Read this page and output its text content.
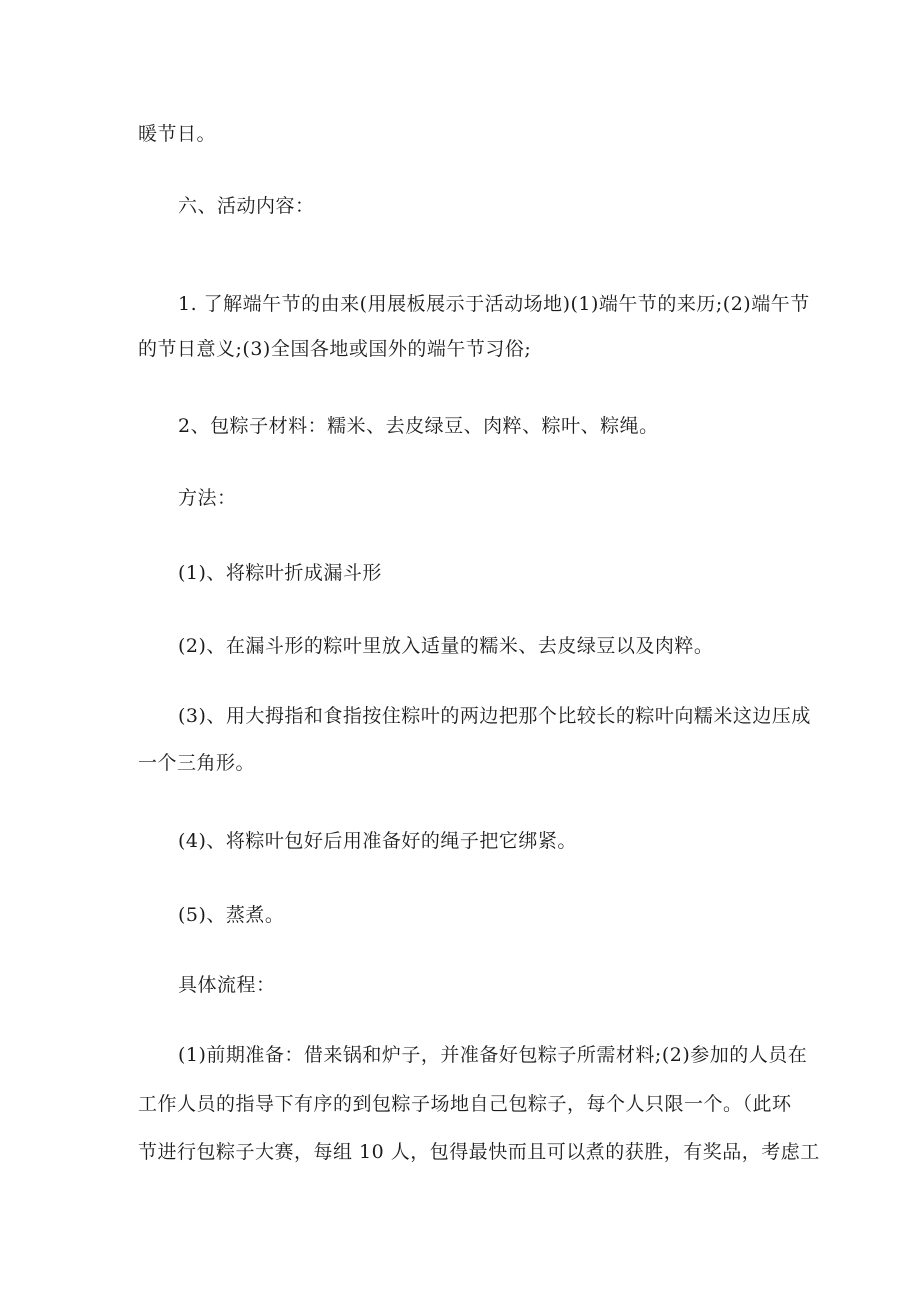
暖节日。
六、活动内容：
1. 了解端午节的由来(用展板展示于活动场地)(1)端午节的来历;(2)端午节
的节日意义;(3)全国各地或国外的端午节习俗;
2、包粽子材料：糯米、去皮绿豆、肉粹、粽叶、粽绳。
方法：
(1)、将粽叶折成漏斗形
(2)、在漏斗形的粽叶里放入适量的糯米、去皮绿豆以及肉粹。
(3)、用大拇指和食指按住粽叶的两边把那个比较长的粽叶向糯米这边压成
一个三角形。
(4)、将粽叶包好后用准备好的绳子把它绑紧。
(5)、蒸煮。
具体流程：
(1)前期准备：借来锅和炉子，并准备好包粽子所需材料;(2)参加的人员在
工作人员的指导下有序的到包粽子场地自己包粽子，每个人只限一个。（此环
节进行包粽子大赛，每组 10 人，包得最快而且可以煮的获胜，有奖品，考虑工
